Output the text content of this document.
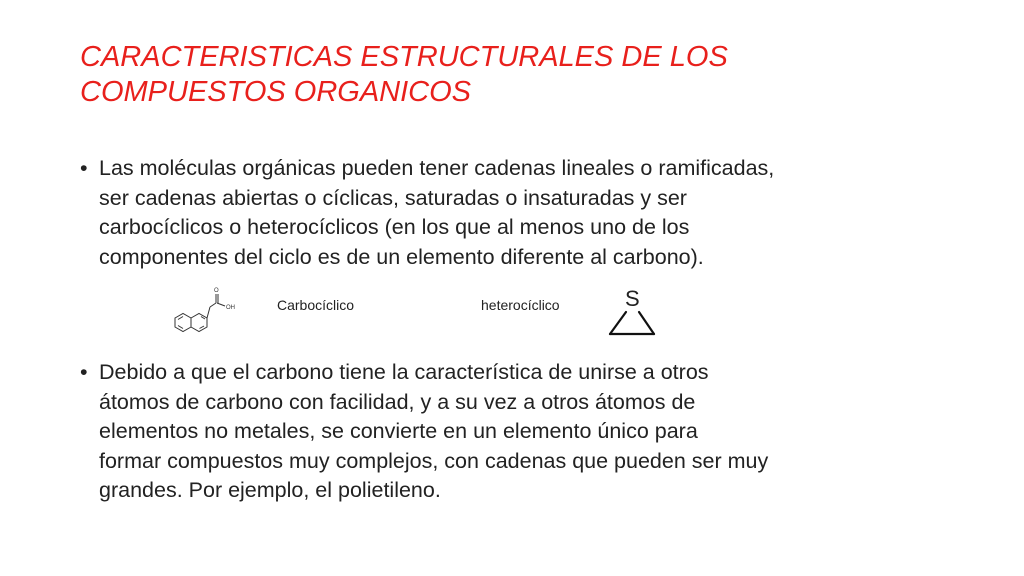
CARACTERISTICAS ESTRUCTURALES DE LOS
COMPUESTOS ORGANICOS
• Las moléculas orgánicas pueden tener cadenas lineales o ramificadas,
ser cadenas abiertas o cíclicas, saturadas o insaturadas y ser
carbocíclicos o heterocíclicos (en los que al menos uno de los
componentes del ciclo es de un elemento diferente al carbono).
O
OH	Carbocíclico	heterocíclico	S
• Debido a que el carbono tiene la característica de unirse a otros
átomos de carbono con facilidad, y a su vez a otros átomos de
elementos no metales, se convierte en un elemento único para
formar compuestos muy complejos, con cadenas que pueden ser muy
grandes. Por ejemplo, el polietileno.
